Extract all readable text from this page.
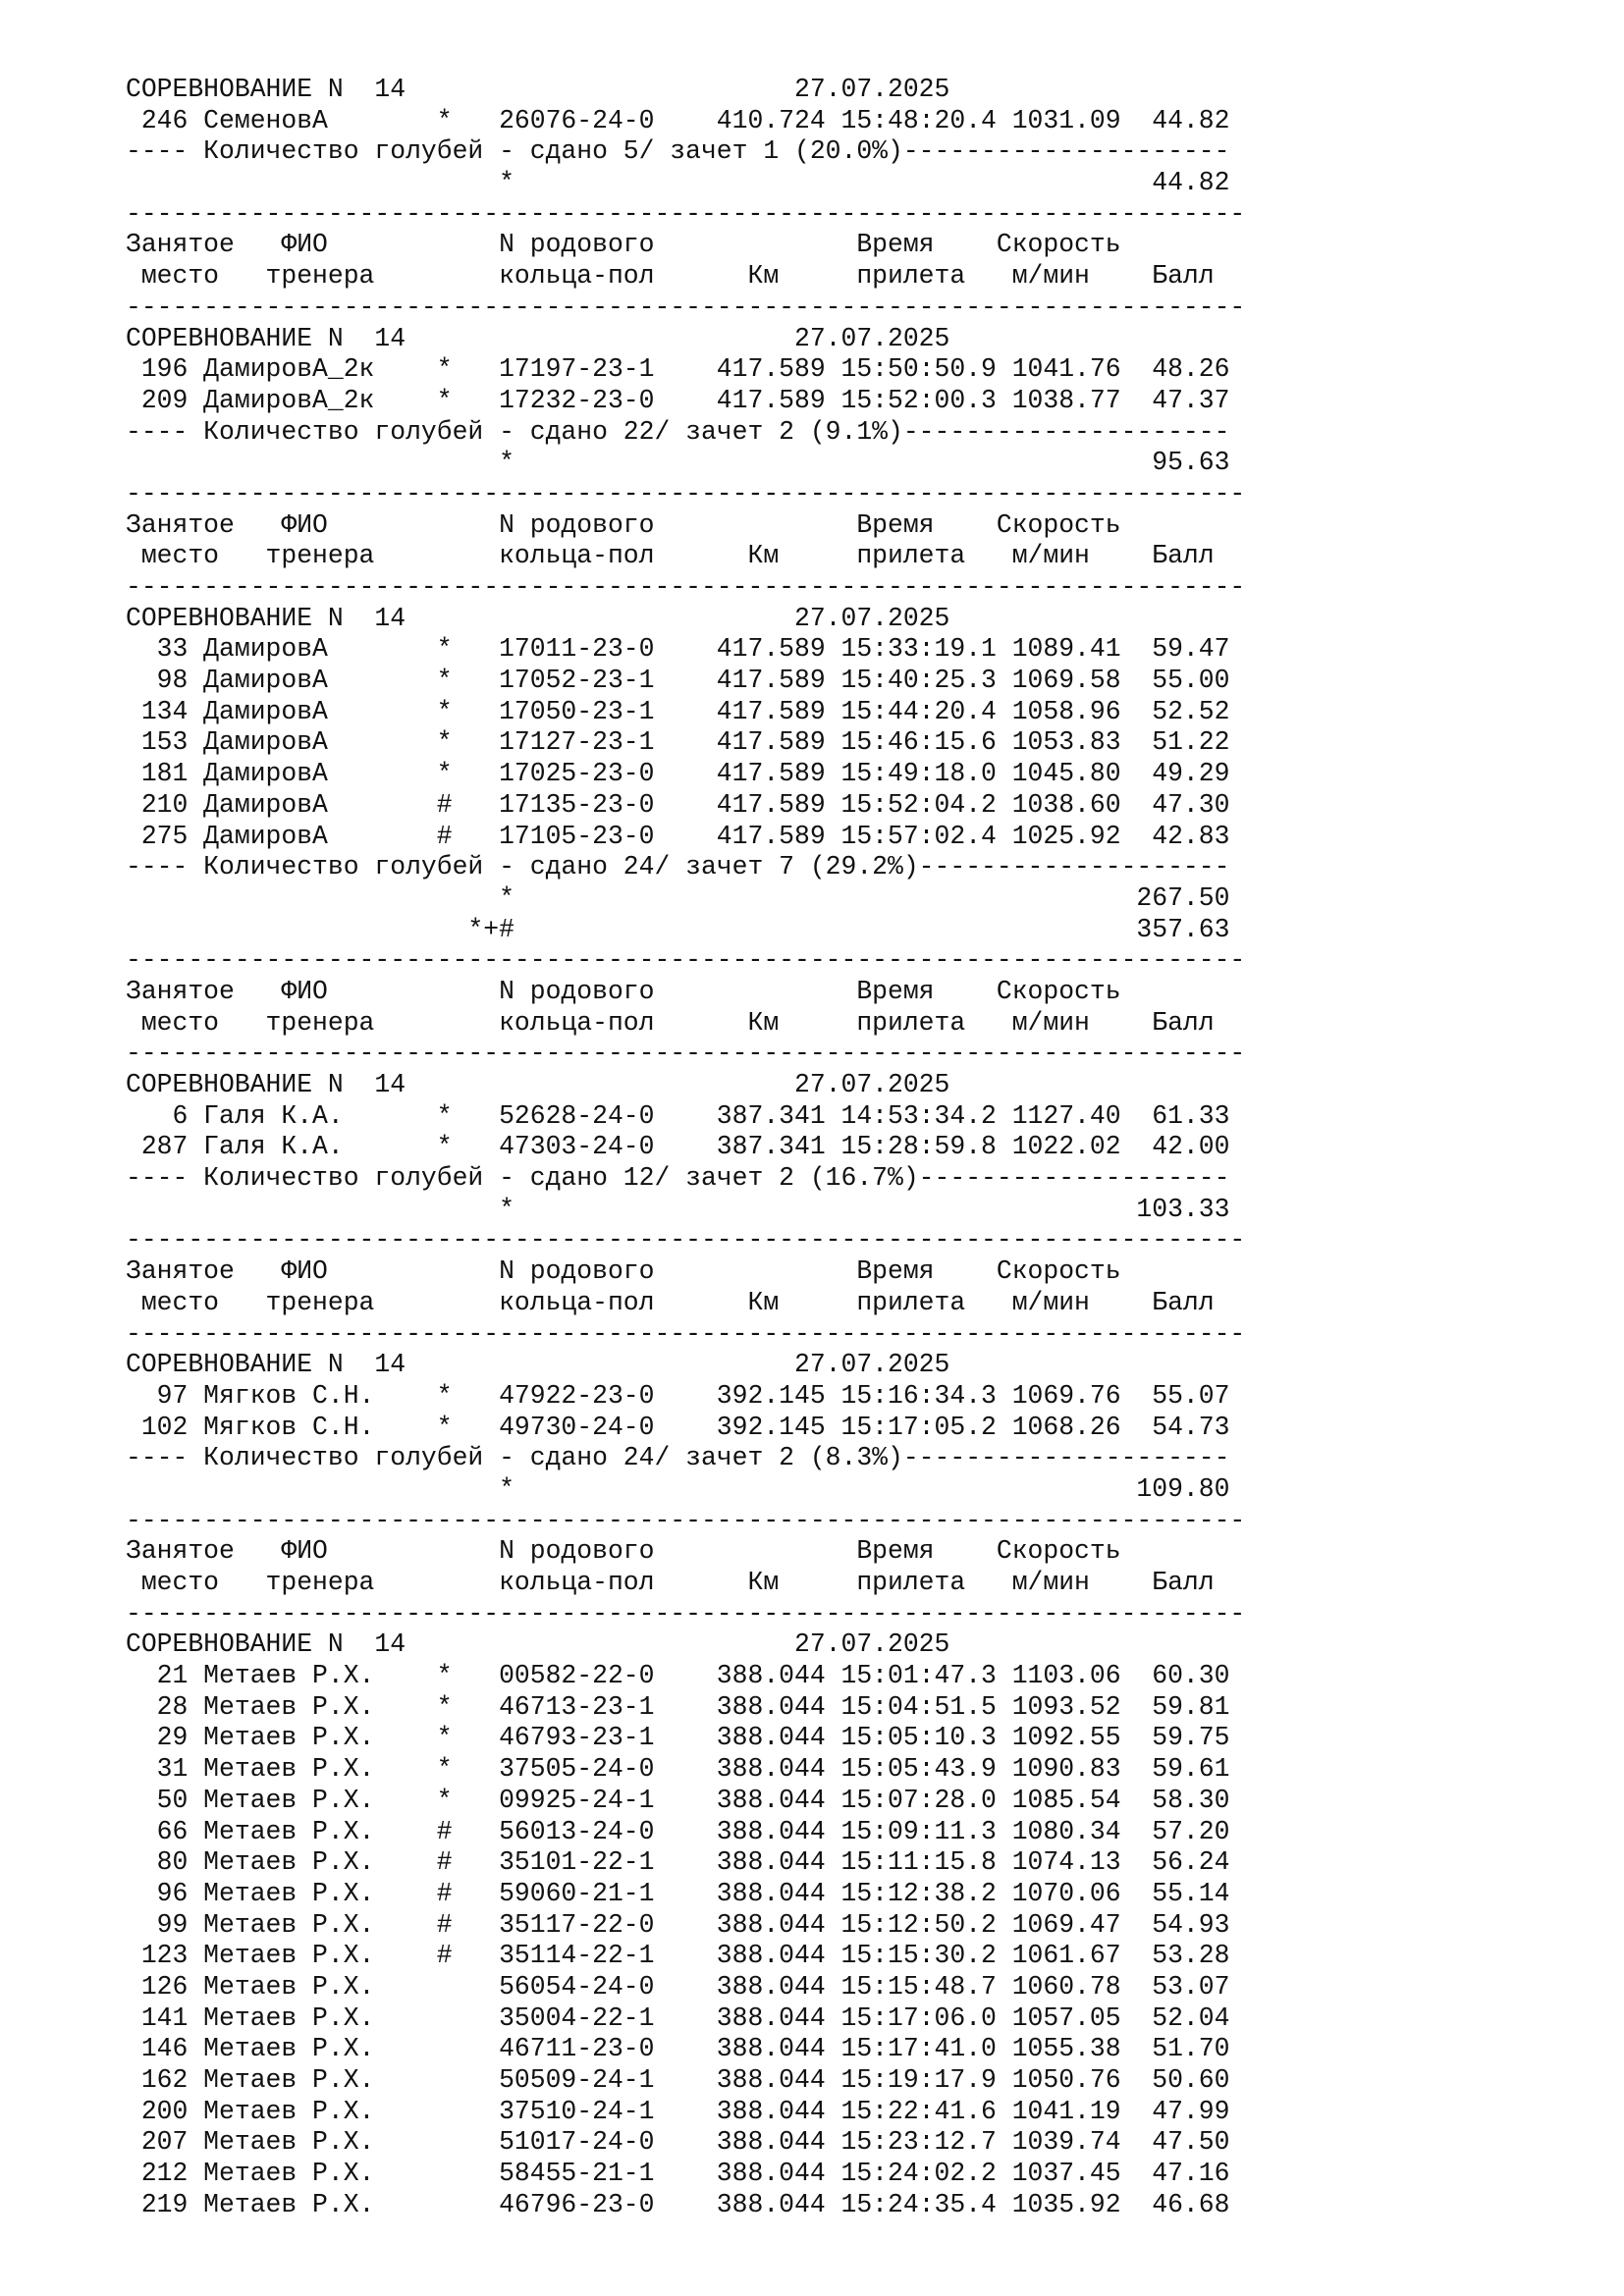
СОРЕВНОВАНИЕ N  14                         27.07.2025
246 СеменовА       *   26076-24-0    410.724 15:48:20.4 1031.09  44.82
---- Количество голубей - сдано 5/ зачет 1 (20.0%)---------------------
*                                         44.82
------------------------------------------------------------------------
Занятое   ФИО           N родового             Время    Скорость
место   тренера        кольца-пол      Км     прилета   м/мин    Балл
------------------------------------------------------------------------
СОРЕВНОВАНИЕ N  14                         27.07.2025
196 ДамировА_2к    *   17197-23-1    417.589 15:50:50.9 1041.76  48.26
209 ДамировА_2к    *   17232-23-0    417.589 15:52:00.3 1038.77  47.37
---- Количество голубей - сдано 22/ зачет 2 (9.1%)---------------------
*                                         95.63
------------------------------------------------------------------------
Занятое   ФИО           N родового             Время    Скорость
место   тренера        кольца-пол      Км     прилета   м/мин    Балл
------------------------------------------------------------------------
СОРЕВНОВАНИЕ N  14                         27.07.2025
33 ДамировА       *   17011-23-0    417.589 15:33:19.1 1089.41  59.47
98 ДамировА       *   17052-23-1    417.589 15:40:25.3 1069.58  55.00
134 ДамировА       *   17050-23-1    417.589 15:44:20.4 1058.96  52.52
153 ДамировА       *   17127-23-1    417.589 15:46:15.6 1053.83  51.22
181 ДамировА       *   17025-23-0    417.589 15:49:18.0 1045.80  49.29
210 ДамировА       #   17135-23-0    417.589 15:52:04.2 1038.60  47.30
275 ДамировА       #   17105-23-0    417.589 15:57:02.4 1025.92  42.83
---- Количество голубей - сдано 24/ зачет 7 (29.2%)--------------------
*                                        267.50
*+#                                        357.63
------------------------------------------------------------------------
Занятое   ФИО           N родового             Время    Скорость
место   тренера        кольца-пол      Км     прилета   м/мин    Балл
------------------------------------------------------------------------
СОРЕВНОВАНИЕ N  14                         27.07.2025
6 Галя К.А.      *   52628-24-0    387.341 14:53:34.2 1127.40  61.33
287 Галя К.А.      *   47303-24-0    387.341 15:28:59.8 1022.02  42.00
---- Количество голубей - сдано 12/ зачет 2 (16.7%)--------------------
*                                        103.33
------------------------------------------------------------------------
Занятое   ФИО           N родового             Время    Скорость
место   тренера        кольца-пол      Км     прилета   м/мин    Балл
------------------------------------------------------------------------
СОРЕВНОВАНИЕ N  14                         27.07.2025
97 Мягков С.Н.    *   47922-23-0    392.145 15:16:34.3 1069.76  55.07
102 Мягков С.Н.    *   49730-24-0    392.145 15:17:05.2 1068.26  54.73
---- Количество голубей - сдано 24/ зачет 2 (8.3%)---------------------
*                                        109.80
------------------------------------------------------------------------
Занятое   ФИО           N родового             Время    Скорость
место   тренера        кольца-пол      Км     прилета   м/мин    Балл
------------------------------------------------------------------------
СОРЕВНОВАНИЕ N  14                         27.07.2025
21 Метаев Р.Х.    *   00582-22-0    388.044 15:01:47.3 1103.06  60.30
28 Метаев Р.Х.    *   46713-23-1    388.044 15:04:51.5 1093.52  59.81
29 Метаев Р.Х.    *   46793-23-1    388.044 15:05:10.3 1092.55  59.75
31 Метаев Р.Х.    *   37505-24-0    388.044 15:05:43.9 1090.83  59.61
50 Метаев Р.Х.    *   09925-24-1    388.044 15:07:28.0 1085.54  58.30
66 Метаев Р.Х.    #   56013-24-0    388.044 15:09:11.3 1080.34  57.20
80 Метаев Р.Х.    #   35101-22-1    388.044 15:11:15.8 1074.13  56.24
96 Метаев Р.Х.    #   59060-21-1    388.044 15:12:38.2 1070.06  55.14
99 Метаев Р.Х.    #   35117-22-0    388.044 15:12:50.2 1069.47  54.93
123 Метаев Р.Х.    #   35114-22-1    388.044 15:15:30.2 1061.67  53.28
126 Метаев Р.Х.        56054-24-0    388.044 15:15:48.7 1060.78  53.07
141 Метаев Р.Х.        35004-22-1    388.044 15:17:06.0 1057.05  52.04
146 Метаев Р.Х.        46711-23-0    388.044 15:17:41.0 1055.38  51.70
162 Метаев Р.Х.        50509-24-1    388.044 15:19:17.9 1050.76  50.60
200 Метаев Р.Х.        37510-24-1    388.044 15:22:41.6 1041.19  47.99
207 Метаев Р.Х.        51017-24-0    388.044 15:23:12.7 1039.74  47.50
212 Метаев Р.Х.        58455-21-1    388.044 15:24:02.2 1037.45  47.16
219 Метаев Р.Х.        46796-23-0    388.044 15:24:35.4 1035.92  46.68
